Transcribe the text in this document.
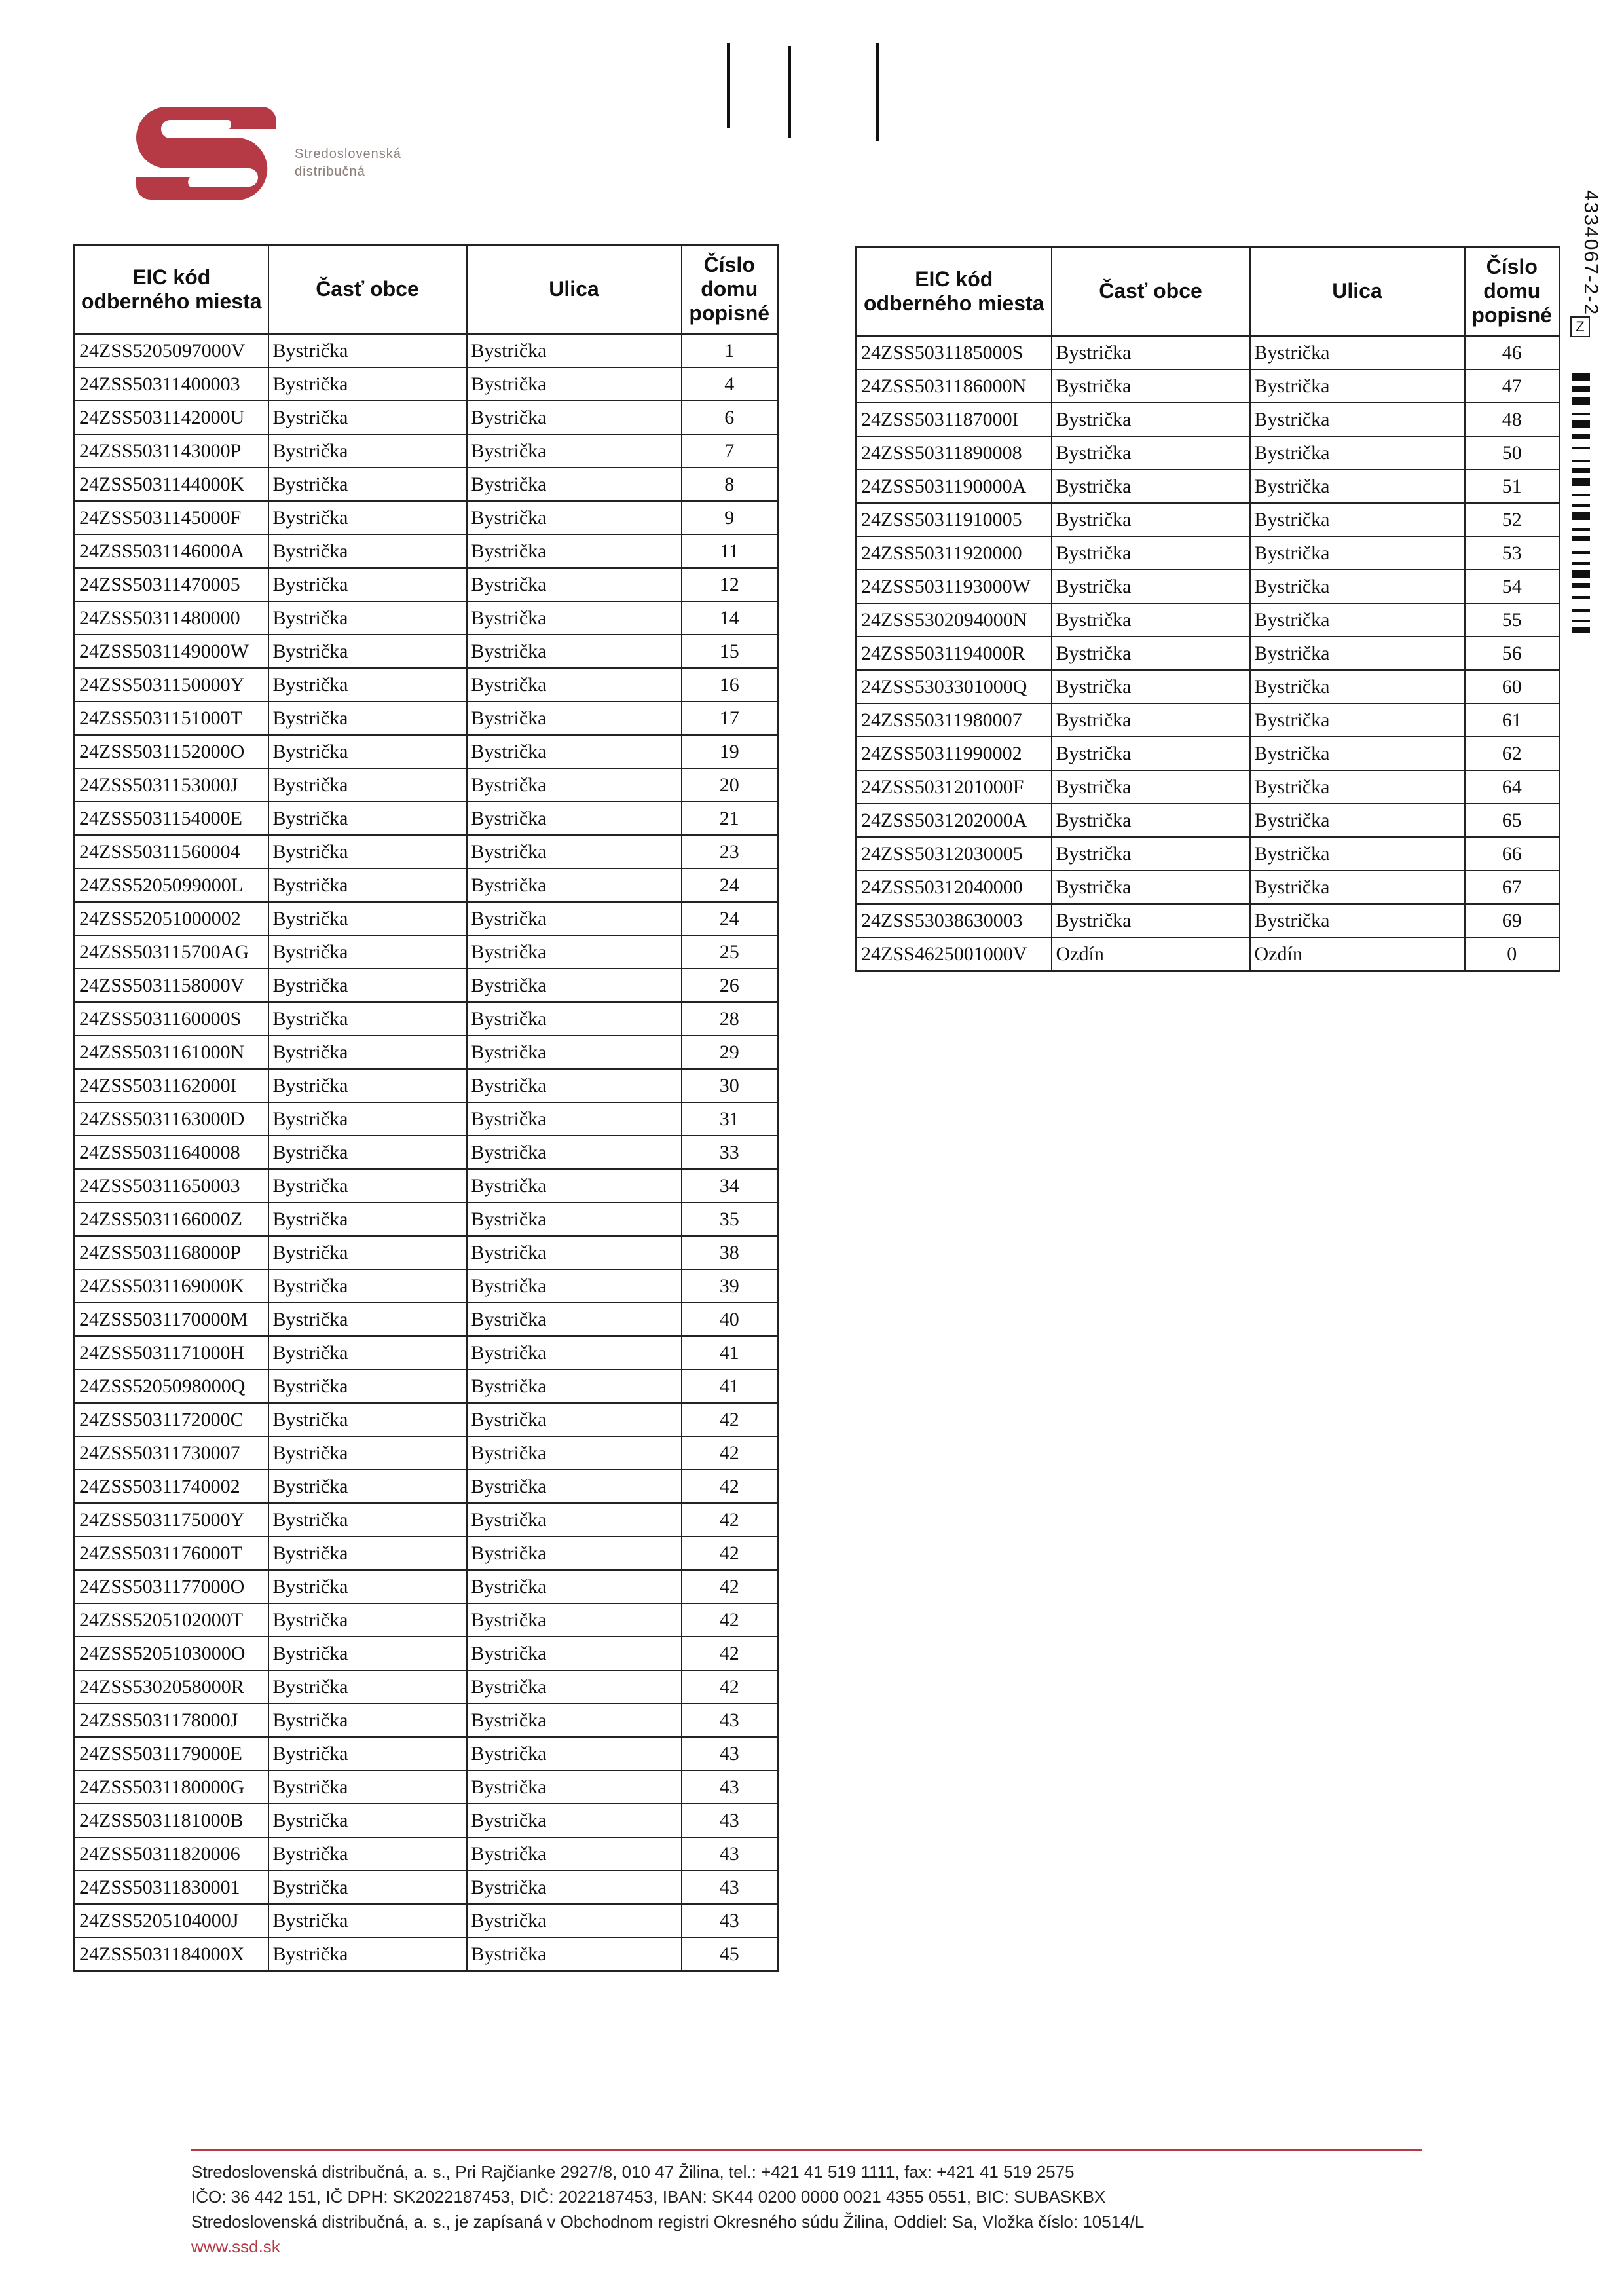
Stredoslovenská
distribučná
4334067-2-2
Z
EIC kód odberného miesta	Časť obce	Ulica	Číslo domu popisné
24ZSS5205097000V	Bystrička	Bystrička	1
24ZSS50311400003	Bystrička	Bystrička	4
24ZSS5031142000U	Bystrička	Bystrička	6
24ZSS5031143000P	Bystrička	Bystrička	7
24ZSS5031144000K	Bystrička	Bystrička	8
24ZSS5031145000F	Bystrička	Bystrička	9
24ZSS5031146000A	Bystrička	Bystrička	11
24ZSS50311470005	Bystrička	Bystrička	12
24ZSS50311480000	Bystrička	Bystrička	14
24ZSS5031149000W	Bystrička	Bystrička	15
24ZSS5031150000Y	Bystrička	Bystrička	16
24ZSS5031151000T	Bystrička	Bystrička	17
24ZSS5031152000O	Bystrička	Bystrička	19
24ZSS5031153000J	Bystrička	Bystrička	20
24ZSS5031154000E	Bystrička	Bystrička	21
24ZSS50311560004	Bystrička	Bystrička	23
24ZSS5205099000L	Bystrička	Bystrička	24
24ZSS52051000002	Bystrička	Bystrička	24
24ZSS503115700AG	Bystrička	Bystrička	25
24ZSS5031158000V	Bystrička	Bystrička	26
24ZSS5031160000S	Bystrička	Bystrička	28
24ZSS5031161000N	Bystrička	Bystrička	29
24ZSS5031162000I	Bystrička	Bystrička	30
24ZSS5031163000D	Bystrička	Bystrička	31
24ZSS50311640008	Bystrička	Bystrička	33
24ZSS50311650003	Bystrička	Bystrička	34
24ZSS5031166000Z	Bystrička	Bystrička	35
24ZSS5031168000P	Bystrička	Bystrička	38
24ZSS5031169000K	Bystrička	Bystrička	39
24ZSS5031170000M	Bystrička	Bystrička	40
24ZSS5031171000H	Bystrička	Bystrička	41
24ZSS5205098000Q	Bystrička	Bystrička	41
24ZSS5031172000C	Bystrička	Bystrička	42
24ZSS50311730007	Bystrička	Bystrička	42
24ZSS50311740002	Bystrička	Bystrička	42
24ZSS5031175000Y	Bystrička	Bystrička	42
24ZSS5031176000T	Bystrička	Bystrička	42
24ZSS5031177000O	Bystrička	Bystrička	42
24ZSS5205102000T	Bystrička	Bystrička	42
24ZSS5205103000O	Bystrička	Bystrička	42
24ZSS5302058000R	Bystrička	Bystrička	42
24ZSS5031178000J	Bystrička	Bystrička	43
24ZSS5031179000E	Bystrička	Bystrička	43
24ZSS5031180000G	Bystrička	Bystrička	43
24ZSS5031181000B	Bystrička	Bystrička	43
24ZSS50311820006	Bystrička	Bystrička	43
24ZSS50311830001	Bystrička	Bystrička	43
24ZSS5205104000J	Bystrička	Bystrička	43
24ZSS5031184000X	Bystrička	Bystrička	45
EIC kód odberného miesta	Časť obce	Ulica	Číslo domu popisné
24ZSS5031185000S	Bystrička	Bystrička	46
24ZSS5031186000N	Bystrička	Bystrička	47
24ZSS5031187000I	Bystrička	Bystrička	48
24ZSS50311890008	Bystrička	Bystrička	50
24ZSS5031190000A	Bystrička	Bystrička	51
24ZSS50311910005	Bystrička	Bystrička	52
24ZSS50311920000	Bystrička	Bystrička	53
24ZSS5031193000W	Bystrička	Bystrička	54
24ZSS5302094000N	Bystrička	Bystrička	55
24ZSS5031194000R	Bystrička	Bystrička	56
24ZSS5303301000Q	Bystrička	Bystrička	60
24ZSS50311980007	Bystrička	Bystrička	61
24ZSS50311990002	Bystrička	Bystrička	62
24ZSS5031201000F	Bystrička	Bystrička	64
24ZSS5031202000A	Bystrička	Bystrička	65
24ZSS50312030005	Bystrička	Bystrička	66
24ZSS50312040000	Bystrička	Bystrička	67
24ZSS53038630003	Bystrička	Bystrička	69
24ZSS4625001000V	Ozdín	Ozdín	0
Stredoslovenská distribučná, a. s., Pri Rajčianke 2927/8, 010 47 Žilina, tel.: +421 41 519 1111, fax: +421 41 519 2575
IČO: 36 442 151, IČ DPH: SK2022187453, DIČ: 2022187453, IBAN: SK44 0200 0000 0021 4355 0551, BIC: SUBASKBX
Stredoslovenská distribučná, a. s., je zapísaná v Obchodnom registri Okresného súdu Žilina, Oddiel: Sa, Vložka číslo: 10514/L
www.ssd.sk
